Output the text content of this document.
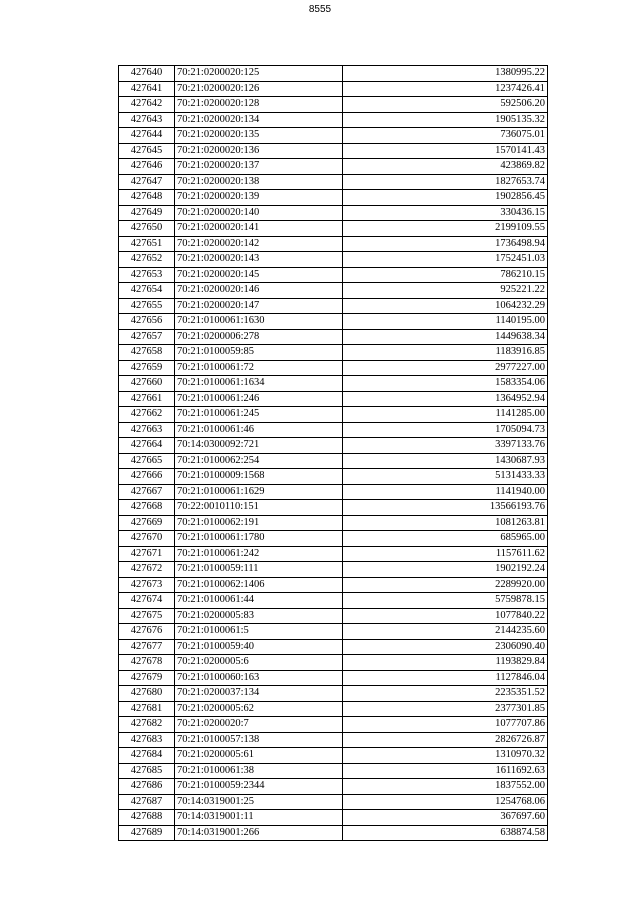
8555
427640	70:21:0200020:125	1380995.22
427641	70:21:0200020:126	1237426.41
427642	70:21:0200020:128	592506.20
427643	70:21:0200020:134	1905135.32
427644	70:21:0200020:135	736075.01
427645	70:21:0200020:136	1570141.43
427646	70:21:0200020:137	423869.82
427647	70:21:0200020:138	1827653.74
427648	70:21:0200020:139	1902856.45
427649	70:21:0200020:140	330436.15
427650	70:21:0200020:141	2199109.55
427651	70:21:0200020:142	1736498.94
427652	70:21:0200020:143	1752451.03
427653	70:21:0200020:145	786210.15
427654	70:21:0200020:146	925221.22
427655	70:21:0200020:147	1064232.29
427656	70:21:0100061:1630	1140195.00
427657	70:21:0200006:278	1449638.34
427658	70:21:0100059:85	1183916.85
427659	70:21:0100061:72	2977227.00
427660	70:21:0100061:1634	1583354.06
427661	70:21:0100061:246	1364952.94
427662	70:21:0100061:245	1141285.00
427663	70:21:0100061:46	1705094.73
427664	70:14:0300092:721	3397133.76
427665	70:21:0100062:254	1430687.93
427666	70:21:0100009:1568	5131433.33
427667	70:21:0100061:1629	1141940.00
427668	70:22:0010110:151	13566193.76
427669	70:21:0100062:191	1081263.81
427670	70:21:0100061:1780	685965.00
427671	70:21:0100061:242	1157611.62
427672	70:21:0100059:111	1902192.24
427673	70:21:0100062:1406	2289920.00
427674	70:21:0100061:44	5759878.15
427675	70:21:0200005:83	1077840.22
427676	70:21:0100061:5	2144235.60
427677	70:21:0100059:40	2306090.40
427678	70:21:0200005:6	1193829.84
427679	70:21:0100060:163	1127846.04
427680	70:21:0200037:134	2235351.52
427681	70:21:0200005:62	2377301.85
427682	70:21:0200020:7	1077707.86
427683	70:21:0100057:138	2826726.87
427684	70:21:0200005:61	1310970.32
427685	70:21:0100061:38	1611692.63
427686	70:21:0100059:2344	1837552.00
427687	70:14:0319001:25	1254768.06
427688	70:14:0319001:11	367697.60
427689	70:14:0319001:266	638874.58
